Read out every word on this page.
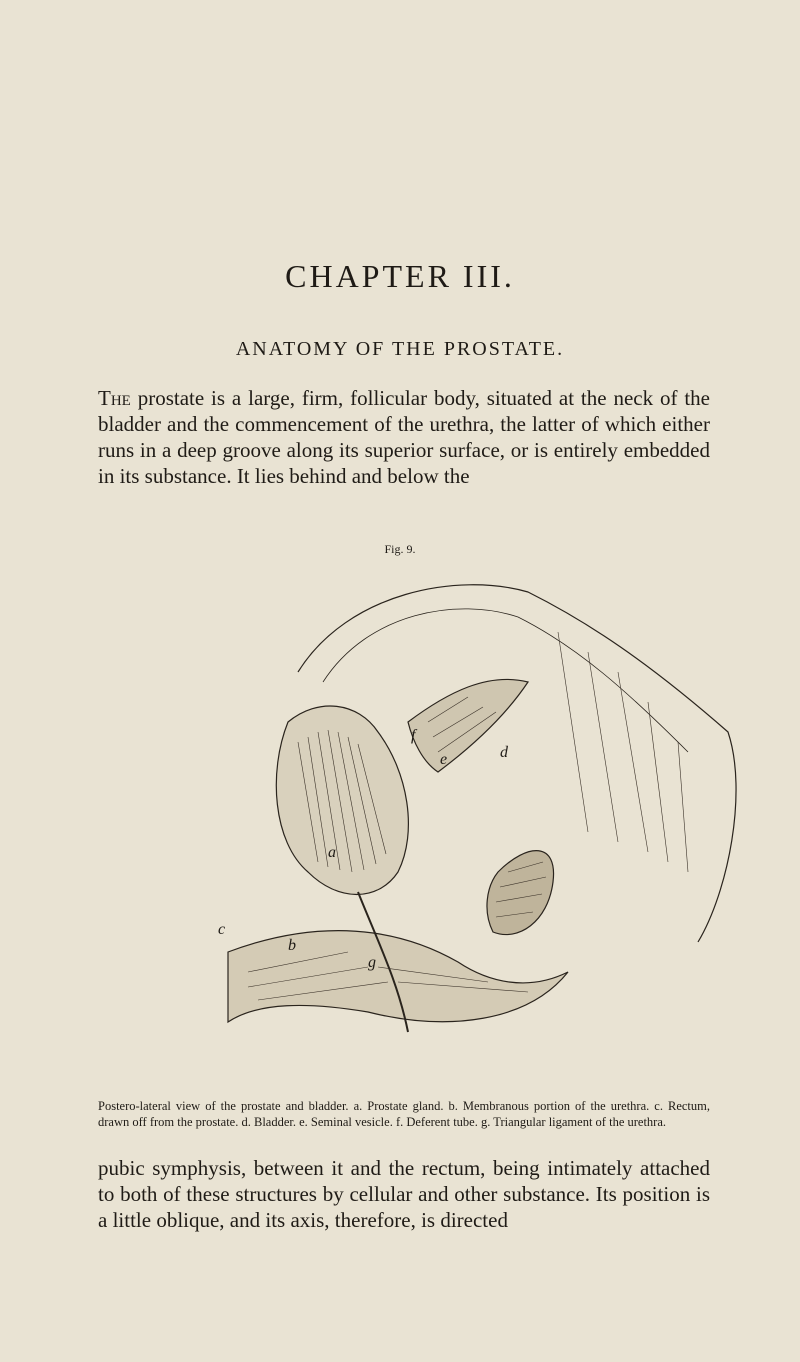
CHAPTER III.
ANATOMY OF THE PROSTATE.

The prostate is a large, firm, follicular body, situated at the neck of the bladder and the commencement of the urethra, the latter of which either runs in a deep groove along its superior surface, or is entirely embedded in its substance. It lies behind and below the

Fig. 9.
a
b
c
d
e
f
g

Postero-lateral view of the prostate and bladder. a. Prostate gland. b. Membranous portion of the urethra. c. Rectum, drawn off from the prostate. d. Bladder. e. Seminal vesicle. f. Deferent tube. g. Triangular ligament of the urethra.

pubic symphysis, between it and the rectum, being intimately attached to both of these structures by cellular and other substance. Its position is a little oblique, and its axis, therefore, is directed
